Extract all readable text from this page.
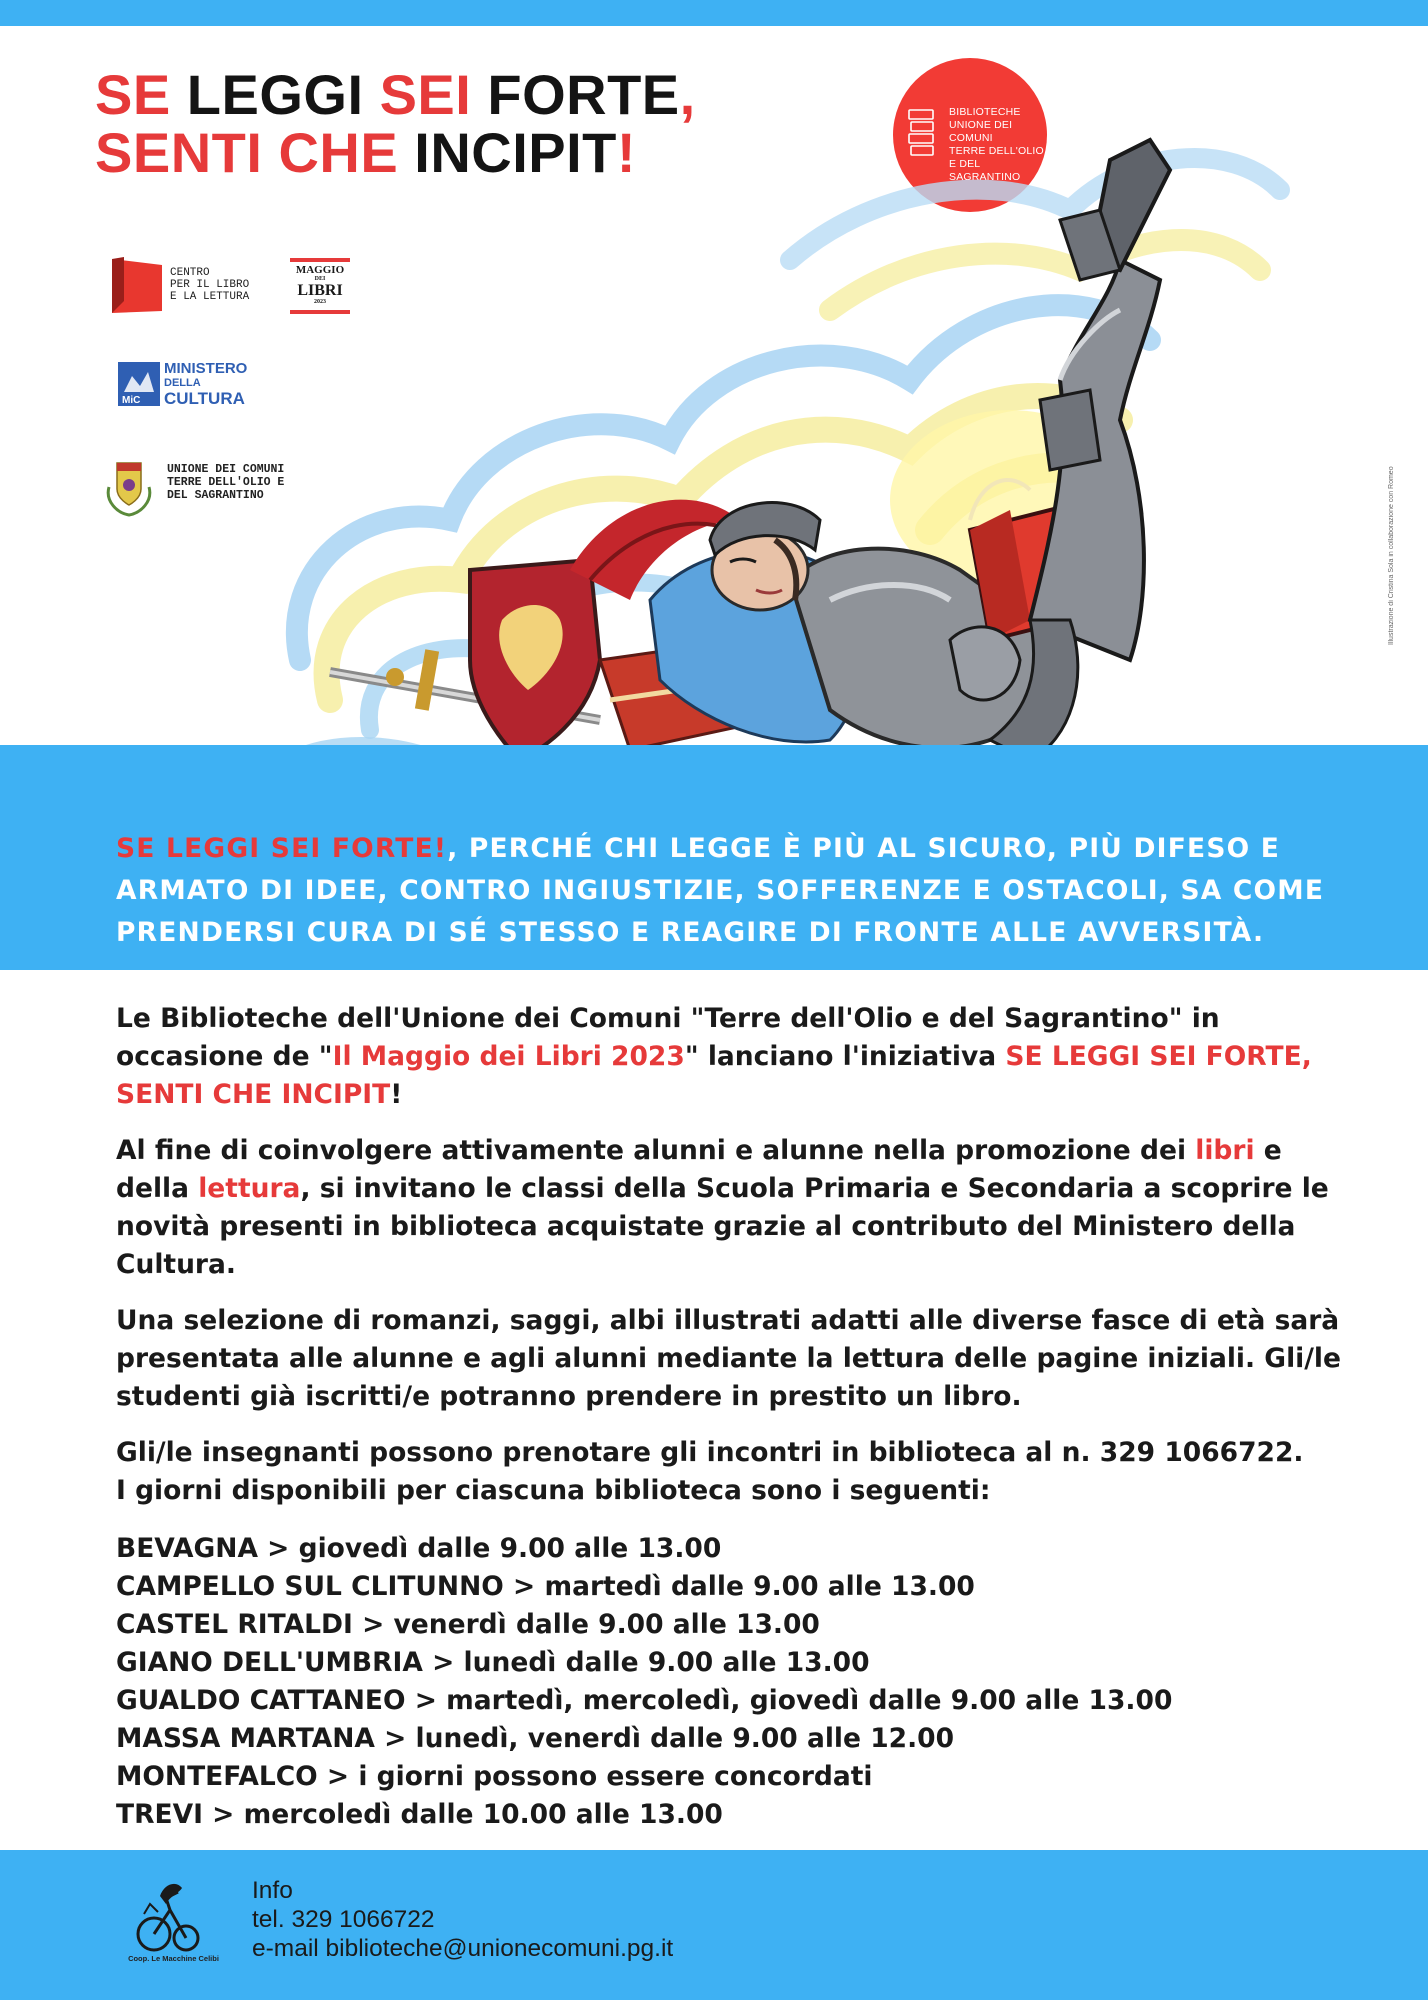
SE LEGGI SEI FORTE,
SENTI CHE INCIPIT!
BIBLIOTECHE
UNIONE DEI COMUNI
TERRE DELL'OLIO
E DEL SAGRANTINO
CENTRO
PER IL LIBRO
E LA LETTURA
MAGGIO
DEI
LIBRI
2023
MiC
MINISTERO
DELLA
CULTURA
UNIONE DEI COMUNI
TERRE DELL'OLIO E
DEL SAGRANTINO	Illustrazione di Cristina Sola in collaborazione con Romeo
SE LEGGI SEI FORTE!, PERCHÉ CHI LEGGE È PIÙ AL SICURO, PIÙ DIFESO E ARMATO DI IDEE, CONTRO INGIUSTIZIE, SOFFERENZE E OSTACOLI, SA COME PRENDERSI CURA DI SÉ STESSO E REAGIRE DI FRONTE ALLE AVVERSITÀ.

Le Biblioteche dell'Unione dei Comuni "Terre dell'Olio e del Sagrantino" in occasione de "Il Maggio dei Libri 2023" lanciano l'iniziativa SE LEGGI SEI FORTE, SENTI CHE INCIPIT!

Al fine di coinvolgere attivamente alunni e alunne nella promozione dei libri e della lettura, si invitano le classi della Scuola Primaria e Secondaria a scoprire le novità presenti in biblioteca acquistate grazie al contributo del Ministero della Cultura.

Una selezione di romanzi, saggi, albi illustrati adatti alle diverse fasce di età sarà presentata alle alunne e agli alunni mediante la lettura delle pagine iniziali. Gli/le studenti già iscritti/e potranno prendere in prestito un libro.

Gli/le insegnanti possono prenotare gli incontri in biblioteca al n. 329 1066722.
I giorni disponibili per ciascuna biblioteca sono i seguenti:

BEVAGNA > giovedì dalle 9.00 alle 13.00
CAMPELLO SUL CLITUNNO > martedì dalle 9.00 alle 13.00
CASTEL RITALDI > venerdì dalle 9.00 alle 13.00
GIANO DELL'UMBRIA > lunedì dalle 9.00 alle 13.00
GUALDO CATTANEO > martedì, mercoledì, giovedì dalle 9.00 alle 13.00
MASSA MARTANA > lunedì, venerdì dalle 9.00 alle 12.00
MONTEFALCO > i giorni possono essere concordati
TREVI > mercoledì dalle 10.00 alle 13.00
Coop. Le Macchine Celibi
Info
tel. 329 1066722
e-mail biblioteche@unionecomuni.pg.it
